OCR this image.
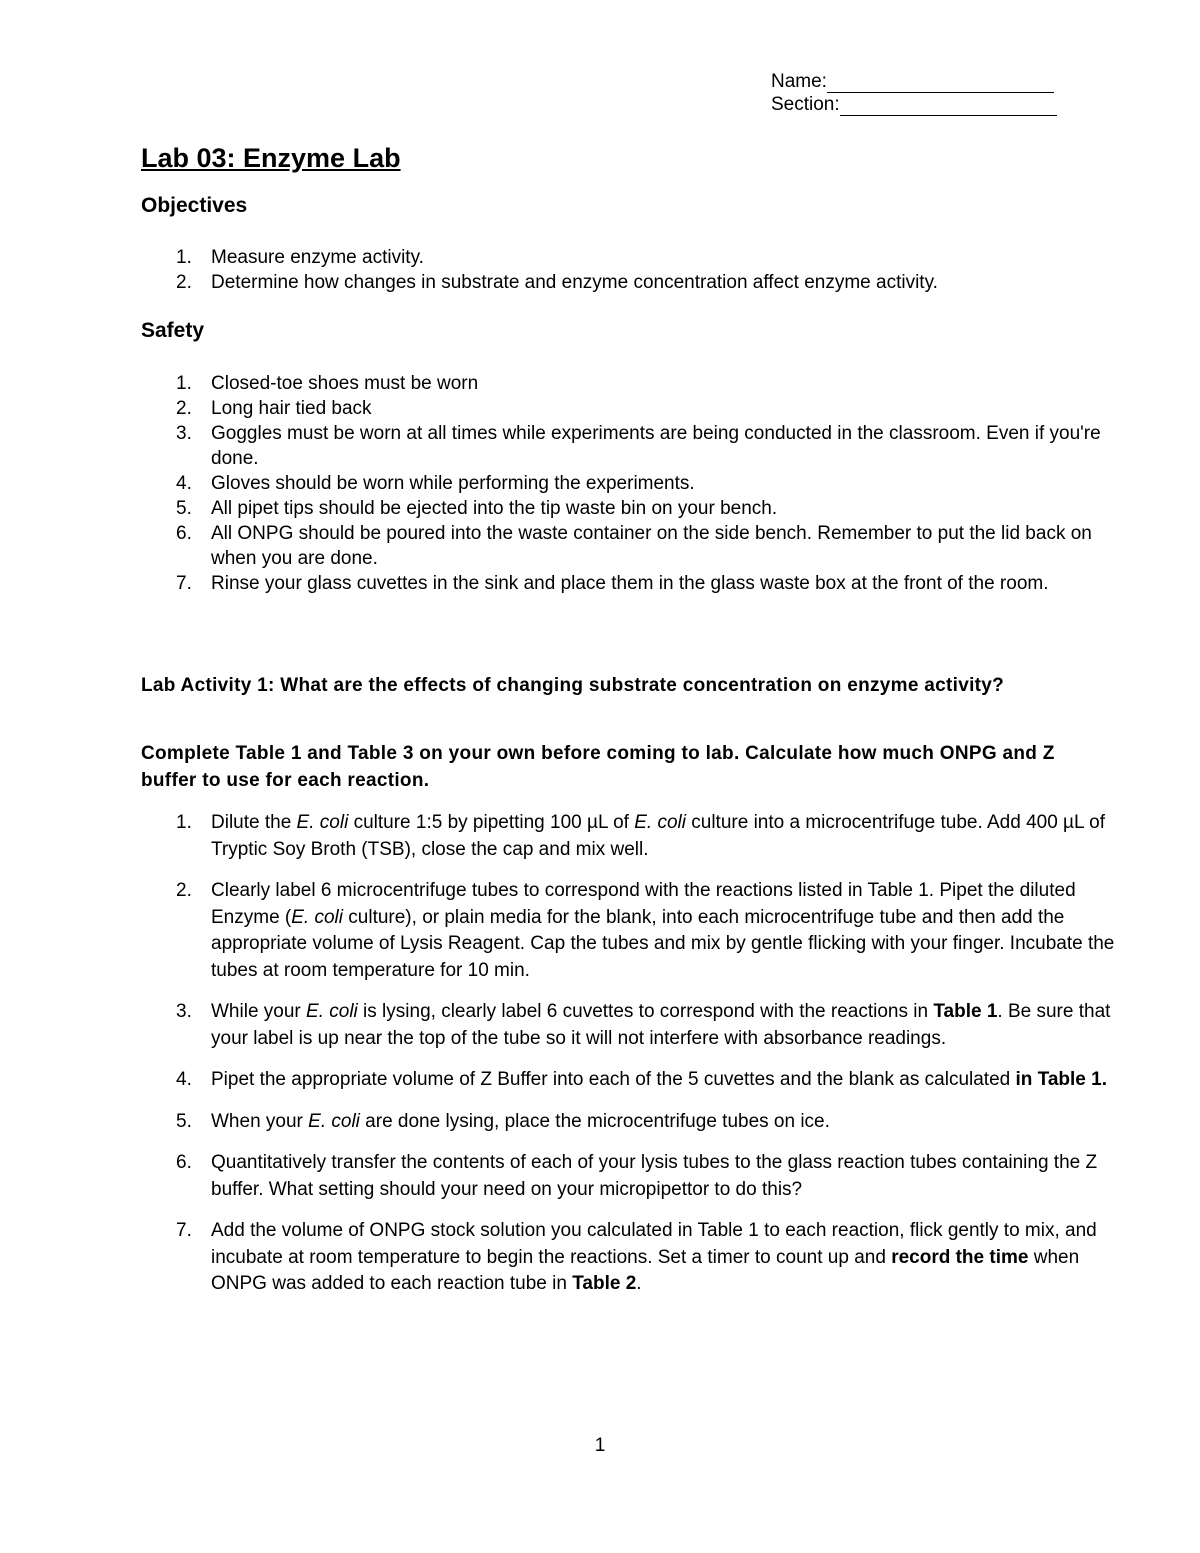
Name:
Section:
Lab 03: Enzyme Lab
Objectives
1. Measure enzyme activity.
2. Determine how changes in substrate and enzyme concentration affect enzyme activity.
Safety
1. Closed-toe shoes must be worn
2. Long hair tied back
3. Goggles must be worn at all times while experiments are being conducted in the classroom. Even if you're done.
4. Gloves should be worn while performing the experiments.
5. All pipet tips should be ejected into the tip waste bin on your bench.
6. All ONPG should be poured into the waste container on the side bench. Remember to put the lid back on when you are done.
7. Rinse your glass cuvettes in the sink and place them in the glass waste box at the front of the room.

Lab Activity 1: What are the effects of changing substrate concentration on enzyme activity?

Complete Table 1 and Table 3 on your own before coming to lab. Calculate how much ONPG and Z buffer to use for each reaction.

1. Dilute the E. coli culture 1:5 by pipetting 100 µL of E. coli culture into a microcentrifuge tube. Add 400 µL of Tryptic Soy Broth (TSB), close the cap and mix well.
2. Clearly label 6 microcentrifuge tubes to correspond with the reactions listed in Table 1. Pipet the diluted Enzyme (E. coli culture), or plain media for the blank, into each microcentrifuge tube and then add the appropriate volume of Lysis Reagent. Cap the tubes and mix by gentle flicking with your finger. Incubate the tubes at room temperature for 10 min.
3. While your E. coli is lysing, clearly label 6 cuvettes to correspond with the reactions in Table 1. Be sure that your label is up near the top of the tube so it will not interfere with absorbance readings.
4. Pipet the appropriate volume of Z Buffer into each of the 5 cuvettes and the blank as calculated in Table 1.
5. When your E. coli are done lysing, place the microcentrifuge tubes on ice.
6. Quantitatively transfer the contents of each of your lysis tubes to the glass reaction tubes containing the Z buffer. What setting should your need on your micropipettor to do this?
7. Add the volume of ONPG stock solution you calculated in Table 1 to each reaction, flick gently to mix, and incubate at room temperature to begin the reactions. Set a timer to count up and record the time when ONPG was added to each reaction tube in Table 2.
1
